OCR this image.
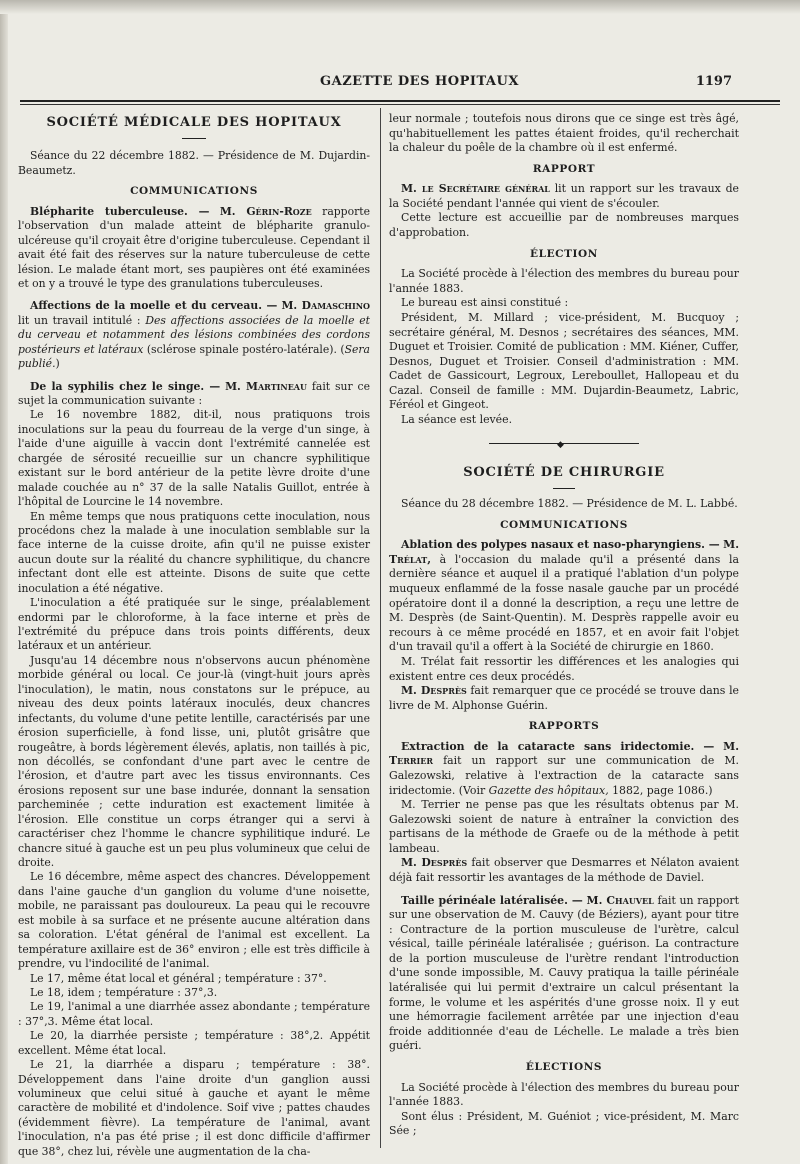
GAZETTE DES HOPITAUX	1197
SOCIÉTÉ MÉDICALE DES HOPITAUX

Séance du 22 décembre 1882. — Présidence de M. Dujardin-Beaumetz.

COMMUNICATIONS

Blépharite tuberculeuse. — M. Gérin-Roze rapporte l'observation d'un malade atteint de blépharite granulo-ulcéreuse qu'il croyait être d'origine tuberculeuse. Cependant il avait été fait des réserves sur la nature tuberculeuse de cette lésion. Le malade étant mort, ses paupières ont été examinées et on y a trouvé le type des granulations tuberculeuses.

Affections de la moelle et du cerveau. — M. Damaschino lit un travail intitulé : Des affections associées de la moelle et du cerveau et notamment des lésions combinées des cordons postérieurs et latéraux (sclérose spinale postéro-latérale). (Sera publié.)

De la syphilis chez le singe. — M. Martineau fait sur ce sujet la communication suivante :

Le 16 novembre 1882, dit-il, nous pratiquons trois inoculations sur la peau du fourreau de la verge d'un singe, à l'aide d'une aiguille à vaccin dont l'extrémité cannelée est chargée de sérosité recueillie sur un chancre syphilitique existant sur le bord antérieur de la petite lèvre droite d'une malade couchée au n° 37 de la salle Natalis Guillot, entrée à l'hôpital de Lourcine le 14 novembre.

En même temps que nous pratiquons cette inoculation, nous procédons chez la malade à une inoculation semblable sur la face interne de la cuisse droite, afin qu'il ne puisse exister aucun doute sur la réalité du chancre syphilitique, du chancre infectant dont elle est atteinte. Disons de suite que cette inoculation a été négative.

L'inoculation a été pratiquée sur le singe, préalablement endormi par le chloroforme, à la face interne et près de l'extrémité du prépuce dans trois points différents, deux latéraux et un antérieur.

Jusqu'au 14 décembre nous n'observons aucun phénomène morbide général ou local. Ce jour-là (vingt-huit jours après l'inoculation), le matin, nous constatons sur le prépuce, au niveau des deux points latéraux inoculés, deux chancres infectants, du volume d'une petite lentille, caractérisés par une érosion superficielle, à fond lisse, uni, plutôt grisâtre que rougeâtre, à bords légèrement élevés, aplatis, non taillés à pic, non décollés, se confondant d'une part avec le centre de l'érosion, et d'autre part avec les tissus environnants. Ces érosions reposent sur une base indurée, donnant la sensation parcheminée ; cette induration est exactement limitée à l'érosion. Elle constitue un corps étranger qui a servi à caractériser chez l'homme le chancre syphilitique induré. Le chancre situé à gauche est un peu plus volumineux que celui de droite.

Le 16 décembre, même aspect des chancres. Développement dans l'aine gauche d'un ganglion du volume d'une noisette, mobile, ne paraissant pas douloureux. La peau qui le recouvre est mobile à sa surface et ne présente aucune altération dans sa coloration. L'état général de l'animal est excellent. La température axillaire est de 36° environ ; elle est très difficile à prendre, vu l'indocilité de l'animal.

Le 17, même état local et général ; température : 37°.

Le 18, idem ; température : 37°,3.

Le 19, l'animal a une diarrhée assez abondante ; température : 37°,3. Même état local.

Le 20, la diarrhée persiste ; température : 38°,2. Appétit excellent. Même état local.

Le 21, la diarrhée a disparu ; température : 38°. Développement dans l'aine droite d'un ganglion aussi volumineux que celui situé à gauche et ayant le même caractère de mobilité et d'indolence. Soif vive ; pattes chaudes (évidemment fièvre). La température de l'animal, avant l'inoculation, n'a pas été prise ; il est donc difficile d'affirmer que 38°, chez lui, révèle une augmentation de la cha-

leur normale ; toutefois nous dirons que ce singe est très âgé, qu'habituellement les pattes étaient froides, qu'il recherchait la chaleur du poêle de la chambre où il est enfermé.

RAPPORT

M. le Secrétaire général lit un rapport sur les travaux de la Société pendant l'année qui vient de s'écouler.

Cette lecture est accueillie par de nombreuses marques d'approbation.

ÉLECTION

La Société procède à l'élection des membres du bureau pour l'année 1883.

Le bureau est ainsi constitué :

Président, M. Millard ; vice-président, M. Bucquoy ; secrétaire général, M. Desnos ; secrétaires des séances, MM. Duguet et Troisier. Comité de publication : MM. Kiéner, Cuffer, Desnos, Duguet et Troisier. Conseil d'administration : MM. Cadet de Gassicourt, Legroux, Lereboullet, Hallopeau et du Cazal. Conseil de famille : MM. Dujardin-Beaumetz, Labric, Féréol et Gingeot.

La séance est levée.

◆
SOCIÉTÉ DE CHIRURGIE

Séance du 28 décembre 1882. — Présidence de M. L. Labbé.

COMMUNICATIONS

Ablation des polypes nasaux et naso-pharyngiens. — M. Trélat, à l'occasion du malade qu'il a présenté dans la dernière séance et auquel il a pratiqué l'ablation d'un polype muqueux enflammé de la fosse nasale gauche par un procédé opératoire dont il a donné la description, a reçu une lettre de M. Desprès (de Saint-Quentin). M. Desprès rappelle avoir eu recours à ce même procédé en 1857, et en avoir fait l'objet d'un travail qu'il a offert à la Société de chirurgie en 1860.

M. Trélat fait ressortir les différences et les analogies qui existent entre ces deux procédés.

M. Desprès fait remarquer que ce procédé se trouve dans le livre de M. Alphonse Guérin.

RAPPORTS

Extraction de la cataracte sans iridectomie. — M. Terrier fait un rapport sur une communication de M. Galezowski, relative à l'extraction de la cataracte sans iridectomie. (Voir Gazette des hôpitaux, 1882, page 1086.)

M. Terrier ne pense pas que les résultats obtenus par M. Galezowski soient de nature à entraîner la conviction des partisans de la méthode de Graefe ou de la méthode à petit lambeau.

M. Desprès fait observer que Desmarres et Nélaton avaient déjà fait ressortir les avantages de la méthode de Daviel.

Taille périnéale latéralisée. — M. Chauvel fait un rapport sur une observation de M. Cauvy (de Béziers), ayant pour titre : Contracture de la portion musculeuse de l'urètre, calcul vésical, taille périnéale latéralisée ; guérison. La contracture de la portion musculeuse de l'urètre rendant l'introduction d'une sonde impossible, M. Cauvy pratiqua la taille périnéale latéralisée qui lui permit d'extraire un calcul présentant la forme, le volume et les aspérités d'une grosse noix. Il y eut une hémorragie facilement arrêtée par une injection d'eau froide additionnée d'eau de Léchelle. Le malade a très bien guéri.

ÉLECTIONS

La Société procède à l'élection des membres du bureau pour l'année 1883.

Sont élus : Président, M. Guéniot ; vice-président, M. Marc Sée ;
